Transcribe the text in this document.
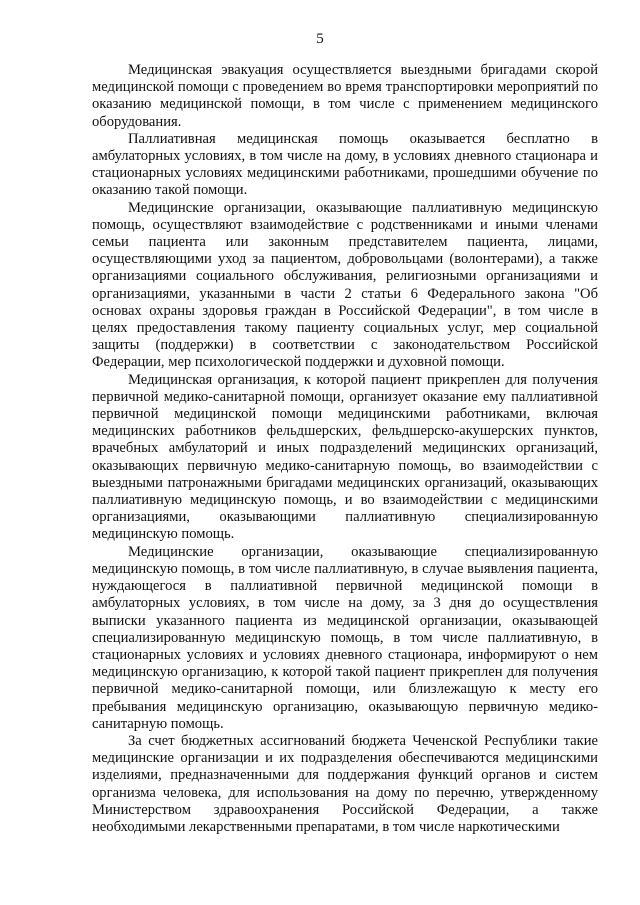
5

Медицинская эвакуация осуществляется выездными бригадами скорой медицинской помощи с проведением во время транспортировки мероприятий по оказанию медицинской помощи, в том числе с применением медицинского оборудования.

Паллиативная медицинская помощь оказывается бесплатно в амбулаторных условиях, в том числе на дому, в условиях дневного стационара и стационарных условиях медицинскими работниками, прошедшими обучение по оказанию такой помощи.

Медицинские организации, оказывающие паллиативную медицинскую помощь, осуществляют взаимодействие с родственниками и иными членами семьи пациента или законным представителем пациента, лицами, осуществляющими уход за пациентом, добровольцами (волонтерами), а также организациями социального обслуживания, религиозными организациями и организациями, указанными в части 2 статьи 6 Федерального закона "Об основах охраны здоровья граждан в Российской Федерации", в том числе в целях предоставления такому пациенту социальных услуг, мер социальной защиты (поддержки) в соответствии с законодательством Российской Федерации, мер психологической поддержки и духовной помощи.

Медицинская организация, к которой пациент прикреплен для получения первичной медико-санитарной помощи, организует оказание ему паллиативной первичной медицинской помощи медицинскими работниками, включая медицинских работников фельдшерских, фельдшерско-акушерских пунктов, врачебных амбулаторий и иных подразделений медицинских организаций, оказывающих первичную медико-санитарную помощь, во взаимодействии с выездными патронажными бригадами медицинских организаций, оказывающих паллиативную медицинскую помощь, и во взаимодействии с медицинскими организациями, оказывающими паллиативную специализированную медицинскую помощь.

Медицинские организации, оказывающие специализированную медицинскую помощь, в том числе паллиативную, в случае выявления пациента, нуждающегося в паллиативной первичной медицинской помощи в амбулаторных условиях, в том числе на дому, за 3 дня до осуществления выписки указанного пациента из медицинской организации, оказывающей специализированную медицинскую помощь, в том числе паллиативную, в стационарных условиях и условиях дневного стационара, информируют о нем медицинскую организацию, к которой такой пациент прикреплен для получения первичной медико-санитарной помощи, или близлежащую к месту его пребывания медицинскую организацию, оказывающую первичную медико-санитарную помощь.

За счет бюджетных ассигнований бюджета Чеченской Республики такие медицинские организации и их подразделения обеспечиваются медицинскими изделиями, предназначенными для поддержания функций органов и систем организма человека, для использования на дому по перечню, утвержденному Министерством здравоохранения Российской Федерации, а также необходимыми лекарственными препаратами, в том числе наркотическими
